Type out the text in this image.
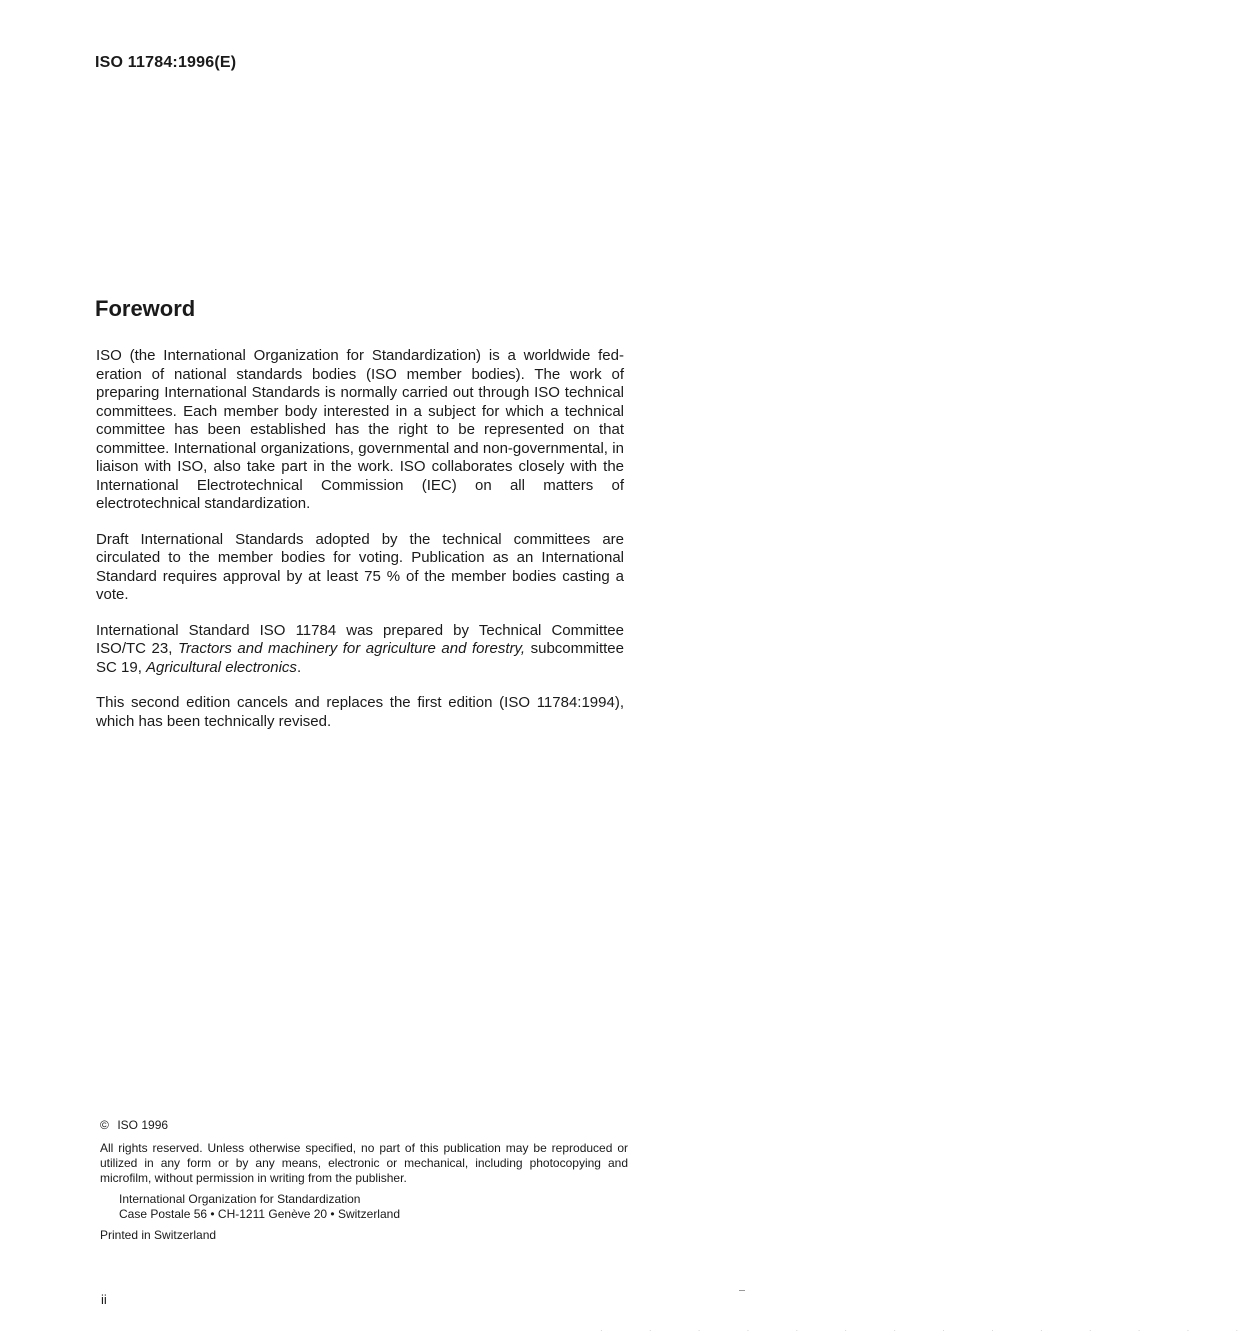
ISO 11784:1996(E)
Foreword

ISO (the International Organization for Standardization) is a worldwide federation of national standards bodies (ISO member bodies). The work of preparing International Standards is normally carried out through ISO technical committees. Each member body interested in a subject for which a technical committee has been established has the right to be represented on that committee. International organizations, governmental and non-governmental, in liaison with ISO, also take part in the work. ISO collaborates closely with the International Electrotechnical Commission (IEC) on all matters of electrotechnical standardization.

Draft International Standards adopted by the technical committees are circulated to the member bodies for voting. Publication as an International Standard requires approval by at least 75 % of the member bodies casting a vote.

International Standard ISO 11784 was prepared by Technical Committee ISO/TC 23, Tractors and machinery for agriculture and forestry, subcommittee SC 19, Agricultural electronics.

This second edition cancels and replaces the first edition (ISO 11784:1994), which has been technically revised.

© ISO 1996
All rights reserved. Unless otherwise specified, no part of this publication may be reproduced or utilized in any form or by any means, electronic or mechanical, including photocopying and microfilm, without permission in writing from the publisher.
International Organization for Standardization
Case Postale 56 • CH-1211 Genève 20 • Switzerland
Printed in Switzerland
ii
· · · · · · · · · · · · · ·
